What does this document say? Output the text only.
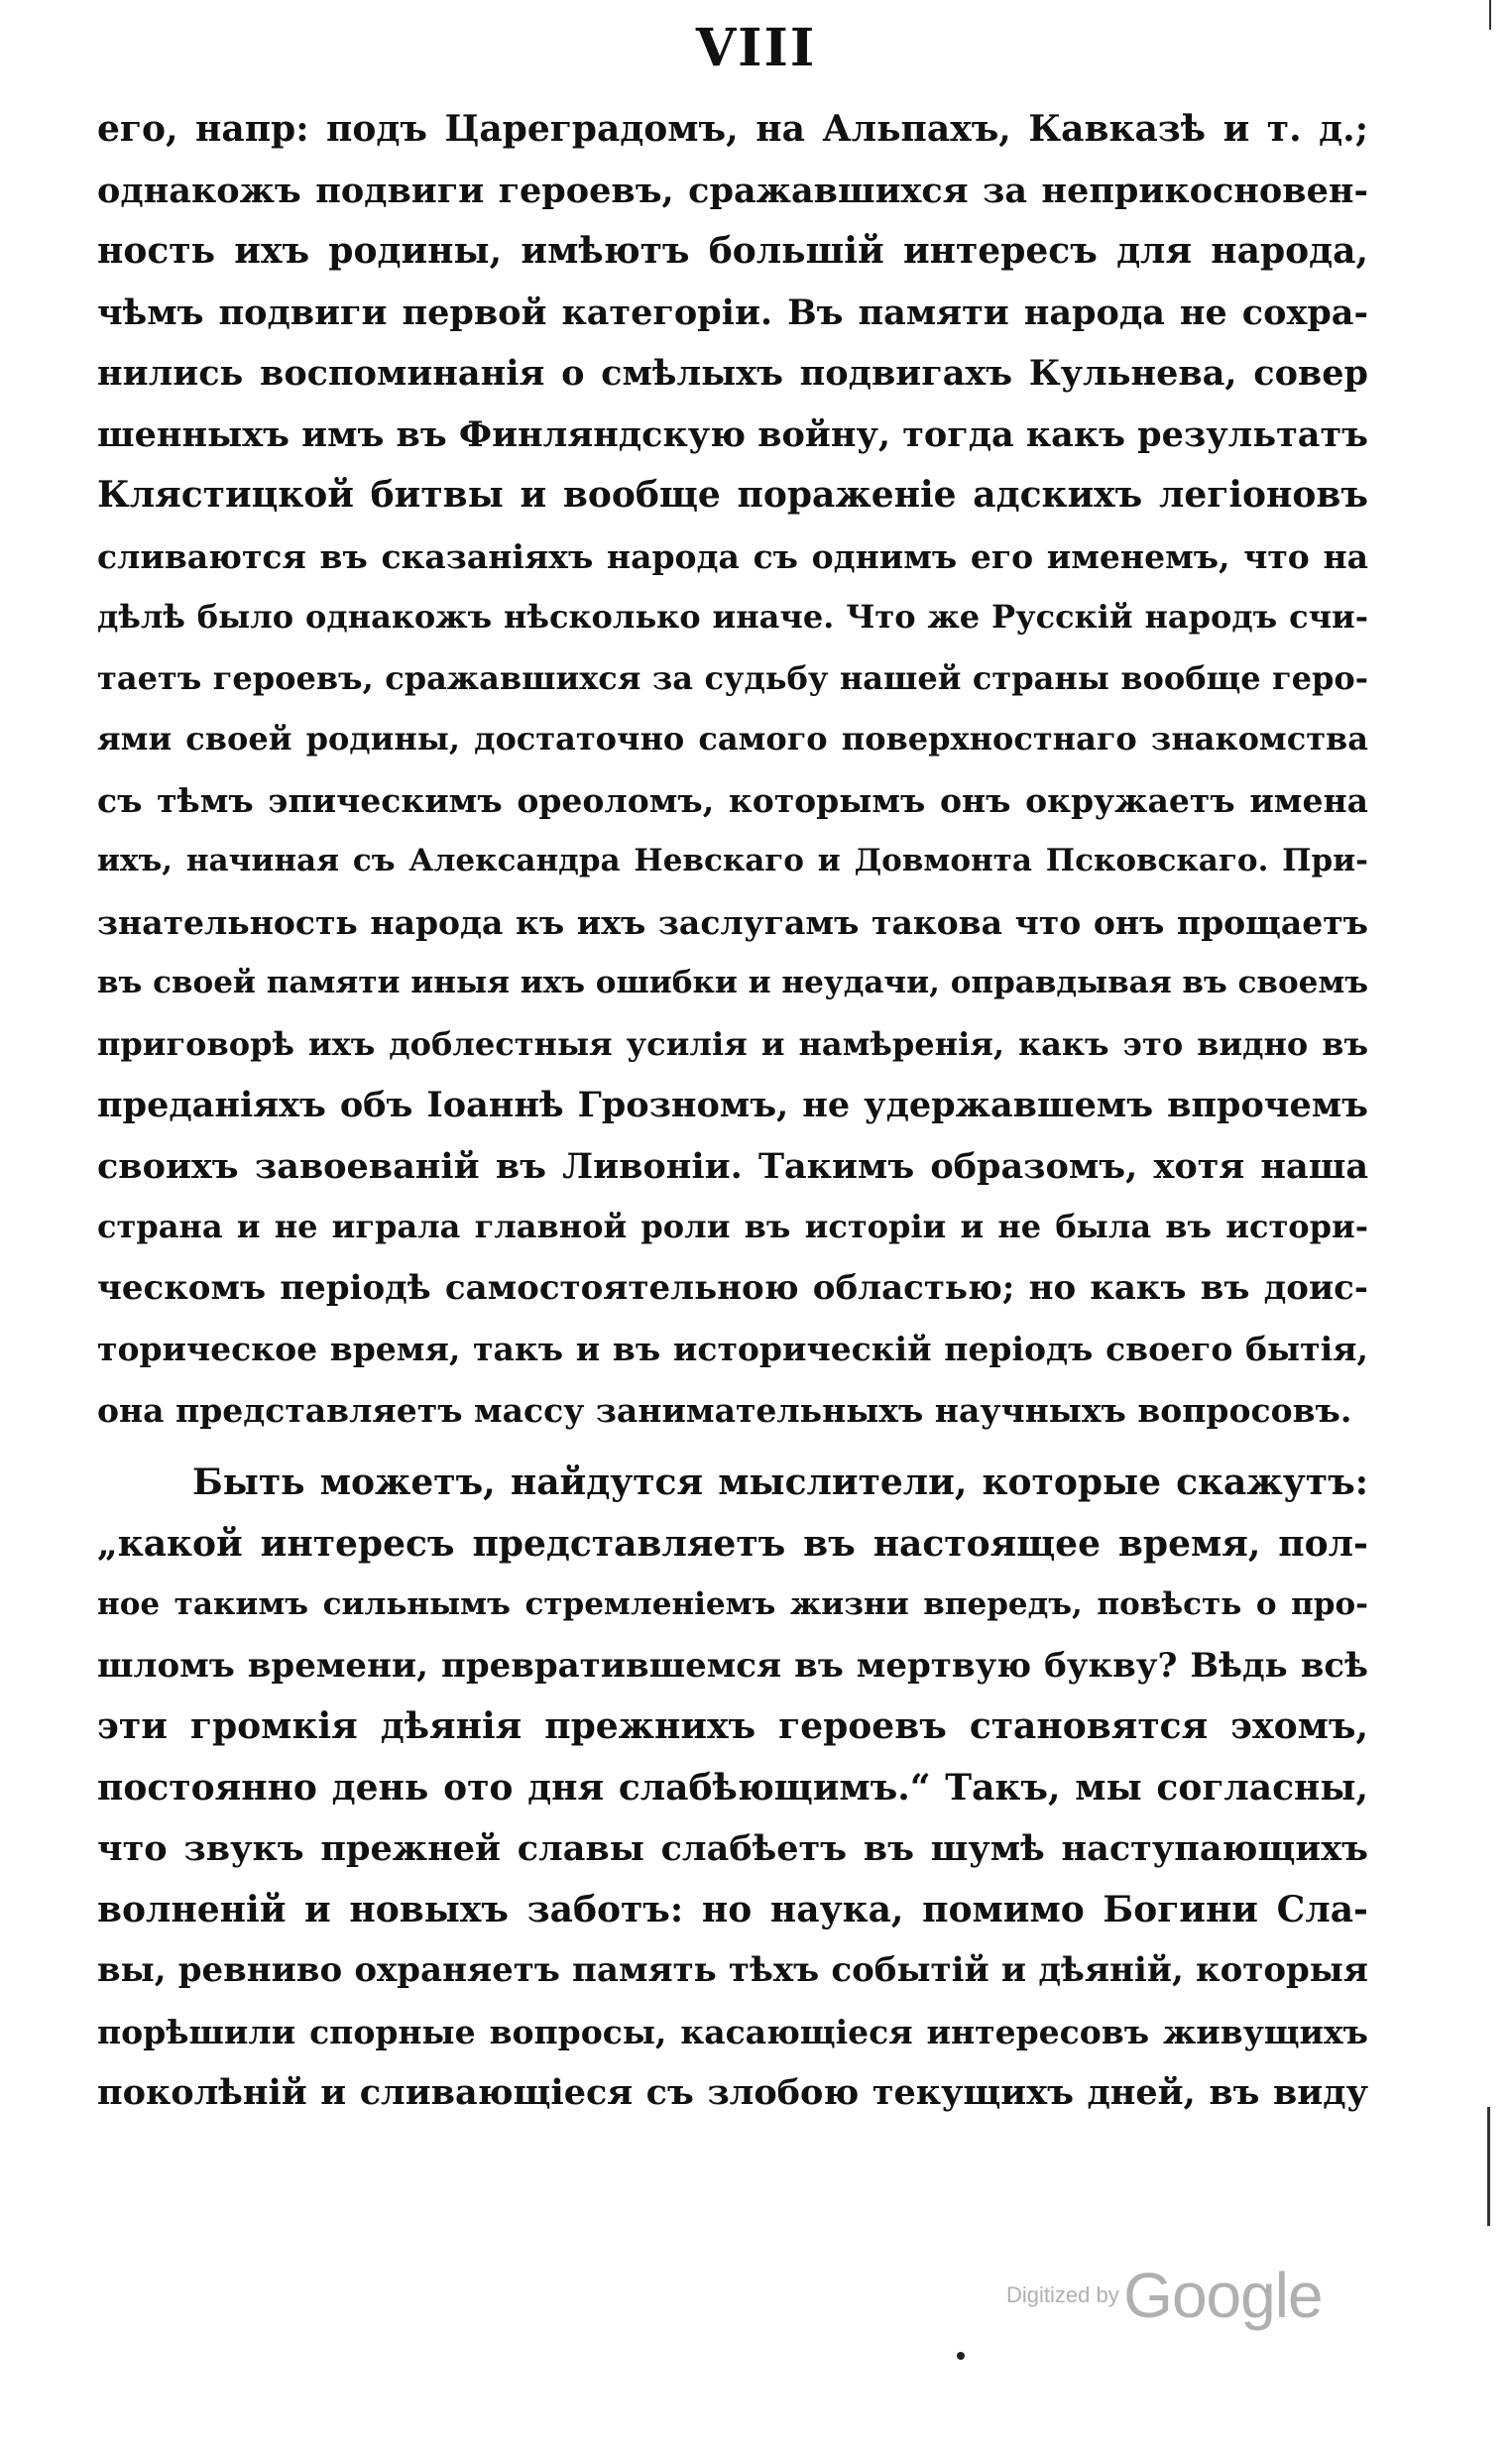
VIII
его, напр: подъ Цареградомъ, на Альпахъ, Кавказѣ и т. д.;
однакожъ подвиги героевъ, сражавшихся за неприкосновен-
ность ихъ родины, имѣютъ большій интересъ для народа,
чѣмъ подвиги первой категоріи. Въ памяти народа не сохра-
нились воспоминанія о смѣлыхъ подвигахъ Кульнева, совер
шенныхъ имъ въ Финляндскую войну, тогда какъ результатъ
Клястицкой битвы и вообще пораженіе адскихъ легіоновъ
сливаются въ сказаніяхъ народа съ однимъ его именемъ, что на
дѣлѣ было однакожъ нѣсколько иначе. Что же Русскій народъ счи-
таетъ героевъ, сражавшихся за судьбу нашей страны вообще геро-
ями своей родины, достаточно самого поверхностнаго знакомства
съ тѣмъ эпическимъ ореоломъ, которымъ онъ окружаетъ имена
ихъ, начиная съ Александра Невскаго и Довмонта Псковскаго. При-
знательность народа къ ихъ заслугамъ такова что онъ прощаетъ
въ своей памяти иныя ихъ ошибки и неудачи, оправдывая въ своемъ
приговорѣ ихъ доблестныя усилія и намѣренія, какъ это видно въ
преданіяхъ объ Іоаннѣ Грозномъ, не удержавшемъ впрочемъ
своихъ завоеваній въ Ливоніи. Такимъ образомъ, хотя наша
страна и не играла главной роли въ исторіи и не была въ истори-
ческомъ періодѣ самостоятельною областью; но какъ въ доис-
торическое время, такъ и въ историческій періодъ своего бытія,
она представляетъ массу занимательныхъ научныхъ вопросовъ.
Быть можетъ, найдутся мыслители, которые скажутъ:
„какой интересъ представляетъ въ настоящее время, пол-
ное такимъ сильнымъ стремленіемъ жизни впередъ, повѣсть о про-
шломъ времени, превратившемся въ мертвую букву? Вѣдь всѣ
эти громкія дѣянія прежнихъ героевъ становятся эхомъ,
постоянно день ото дня слабѣющимъ.“ Такъ, мы согласны,
что звукъ прежней славы слабѣетъ въ шумѣ наступающихъ
волненій и новыхъ заботъ: но наука, помимо Богини Сла-
вы, ревниво охраняетъ память тѣхъ событій и дѣяній, которыя
порѣшили спорные вопросы, касающіеся интересовъ живущихъ
поколѣній и сливающіеся съ злобою текущихъ дней, въ виду
Digitized by Google
